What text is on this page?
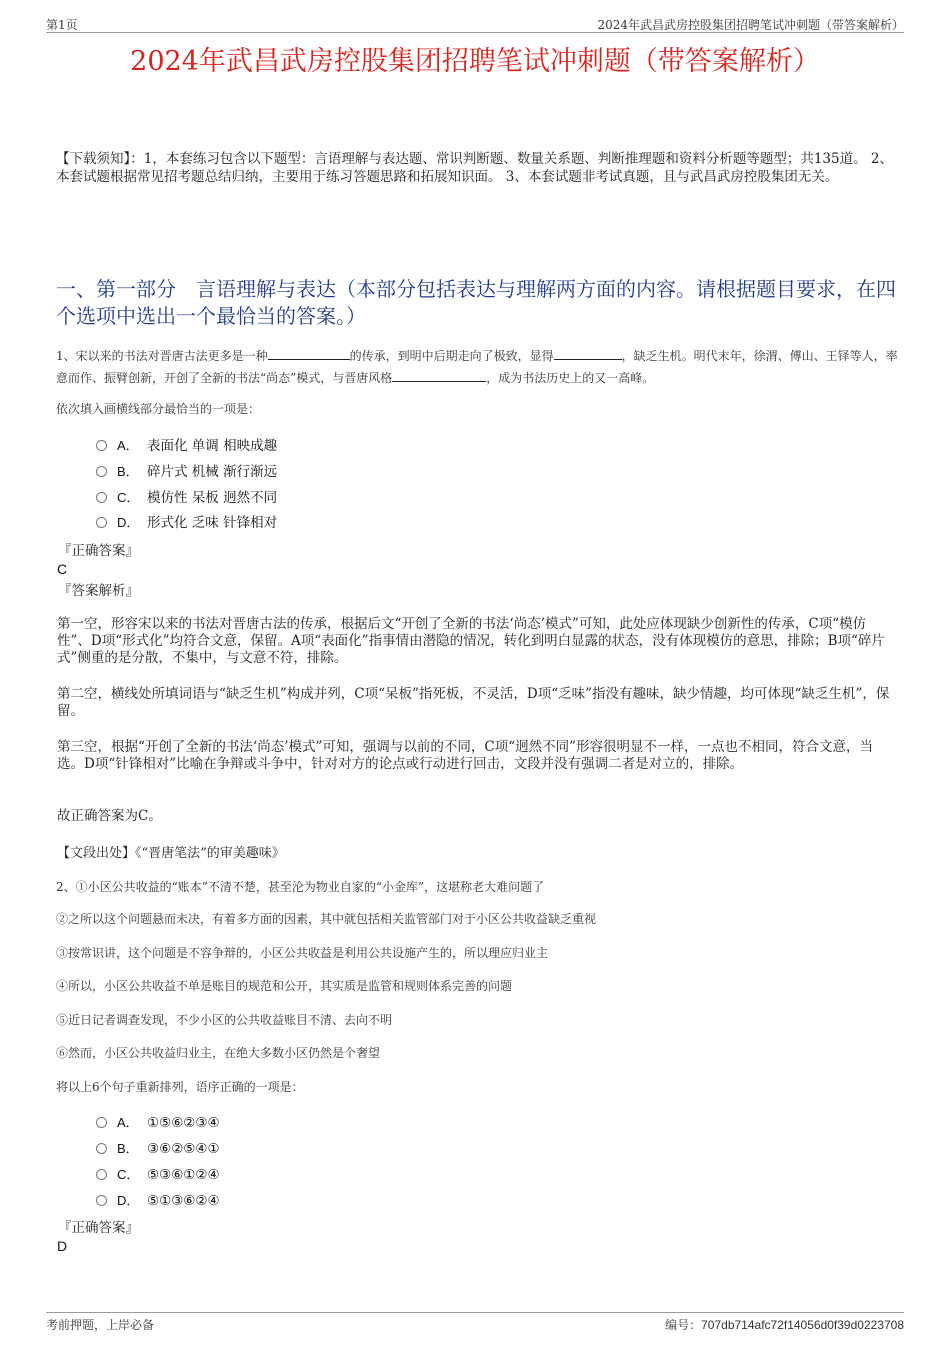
第1页	2024年武昌武房控股集团招聘笔试冲刺题（带答案解析）
2024年武昌武房控股集团招聘笔试冲刺题（带答案解析）
【下载须知】：1，本套练习包含以下题型：言语理解与表达题、常识判断题、数量关系题、判断推理题和资料分析题等题型；共135道。 2、本套试题根据常见招考题总结归纳，主要用于练习答题思路和拓展知识面。 3、本套试题非考试真题，且与武昌武房控股集团无关。
一、第一部分　言语理解与表达（本部分包括表达与理解两方面的内容。请根据题目要求，在四个选项中选出一个最恰当的答案。）
1、宋以来的书法对晋唐古法更多是一种	的传承，到明中后期走向了极致，显得	，缺乏生机。明代末年，徐渭、傅山、王铎等人，率意而作、振臂创新，开创了全新的书法“尚态”模式，与晋唐风格	，成为书法历史上的又一高峰。
依次填入画横线部分最恰当的一项是：
A． 表面化 单调 相映成趣
B． 碎片式 机械 渐行渐远
C． 模仿性 呆板 迥然不同
D． 形式化 乏味 针锋相对
『正确答案』
C
『答案解析』
第一空，形容宋以来的书法对晋唐古法的传承，根据后文“开创了全新的书法‘尚态’模式”可知，此处应体现缺少创新性的传承，C项“模仿性”、D项“形式化”均符合文意，保留。A项“表面化”指事情由潜隐的情况，转化到明白显露的状态，没有体现模仿的意思，排除；B项“碎片式”侧重的是分散，不集中，与文意不符，排除。
第二空，横线处所填词语与“缺乏生机”构成并列，C项“呆板”指死板，不灵活，D项“乏味”指没有趣味，缺少情趣，均可体现“缺乏生机”，保留。
第三空，根据“开创了全新的书法‘尚态’模式”可知，强调与以前的不同，C项“迥然不同”形容很明显不一样，一点也不相同，符合文意，当选。D项“针锋相对”比喻在争辩或斗争中，针对对方的论点或行动进行回击，文段并没有强调二者是对立的，排除。
故正确答案为C。
【文段出处】《“晋唐笔法”的审美趣味》
2、①小区公共收益的“账本”不清不楚，甚至沦为物业自家的“小金库”，这堪称老大难问题了
②之所以这个问题悬而未决，有着多方面的因素，其中就包括相关监管部门对于小区公共收益缺乏重视
③按常识讲，这个问题是不容争辩的，小区公共收益是利用公共设施产生的，所以理应归业主
④所以，小区公共收益不单是账目的规范和公开，其实质是监管和规则体系完善的问题
⑤近日记者调查发现，不少小区的公共收益账目不清、去向不明
⑥然而，小区公共收益归业主，在绝大多数小区仍然是个奢望
将以上6个句子重新排列，语序正确的一项是：
A． ①⑤⑥②③④
B． ③⑥②⑤④①
C． ⑤③⑥①②④
D． ⑤①③⑥②④
『正确答案』
D
考前押题，上岸必备	编号：707db714afc72f14056d0f39d0223708
